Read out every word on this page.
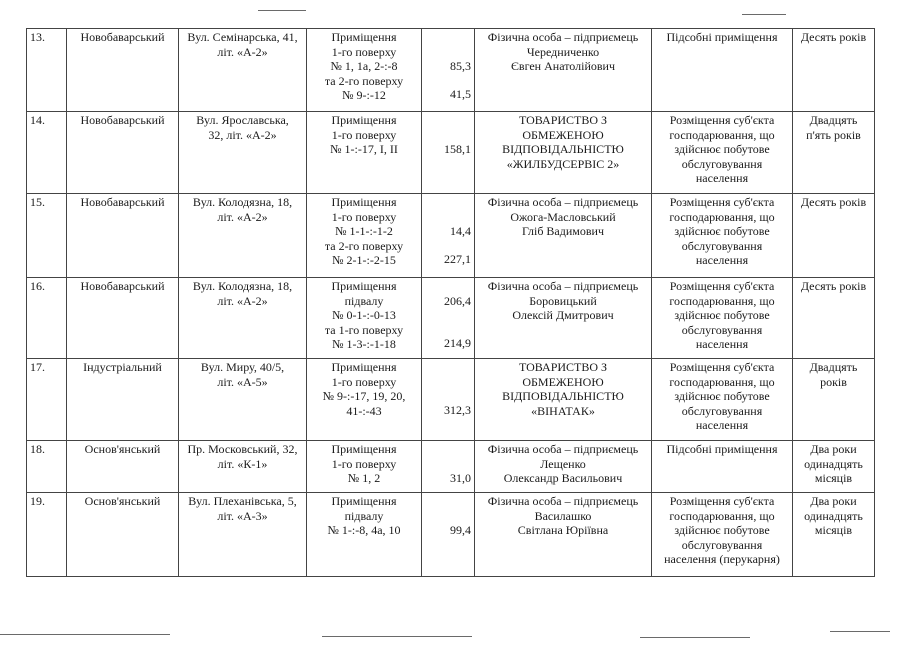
13.	Новобаварський	Вул. Семінарська, 41,
літ. «А-2»	Приміщення
1-го поверху
№ 1, 1а, 2-:-8
та 2-го поверху
№ 9-:-12	85,3
41,5	Фізична особа – підприємець
Чередниченко
Євген Анатолійович	Підсобні приміщення	Десять років

14.	Новобаварський	Вул. Ярославська,
32, літ. «А-2»	Приміщення
1-го поверху
№ 1-:-17, I, II	158,1	ТОВАРИСТВО З
ОБМЕЖЕНОЮ
ВІДПОВІДАЛЬНІСТЮ
«ЖИЛБУДСЕРВІС 2»	Розміщення суб'єкта
господарювання, що
здійснює побутове
обслуговування
населення	Двадцять
п'ять років

15.	Новобаварський	Вул. Колодязна, 18,
літ. «А-2»	Приміщення
1-го поверху
№ 1-1-:-1-2
та 2-го поверху
№ 2-1-:-2-15	14,4
227,1	Фізична особа – підприємець
Ожога-Масловський
Гліб Вадимович	Розміщення суб'єкта
господарювання, що
здійснює побутове
обслуговування
населення	Десять років

16.	Новобаварський	Вул. Колодязна, 18,
літ. «А-2»	Приміщення
підвалу
№ 0-1-:-0-13
та 1-го поверху
№ 1-3-:-1-18	206,4
214,9	Фізична особа – підприємець
Боровицький
Олексій Дмитрович	Розміщення суб'єкта
господарювання, що
здійснює побутове
обслуговування
населення	Десять років

17.	Індустріальний	Вул. Миру, 40/5,
літ. «А-5»	Приміщення
1-го поверху
№ 9-:-17, 19, 20,
41-:-43	312,3	ТОВАРИСТВО З
ОБМЕЖЕНОЮ
ВІДПОВІДАЛЬНІСТЮ
«ВІНАТАК»	Розміщення суб'єкта
господарювання, що
здійснює побутове
обслуговування
населення	Двадцять
років

18.	Основ'янський	Пр. Московський, 32,
літ. «К-1»	Приміщення
1-го поверху
№ 1, 2	31,0	Фізична особа – підприємець
Лещенко
Олександр Васильович	Підсобні приміщення	Два роки
одинадцять
місяців

19.	Основ'янський	Вул. Плеханівська, 5,
літ. «А-3»	Приміщення
підвалу
№ 1-:-8, 4а, 10	99,4	Фізична особа – підприємець
Василашко
Світлана Юріївна	Розміщення суб'єкта
господарювання, що
здійснює побутове
обслуговування
населення (перукарня)	Два роки
одинадцять
місяців
